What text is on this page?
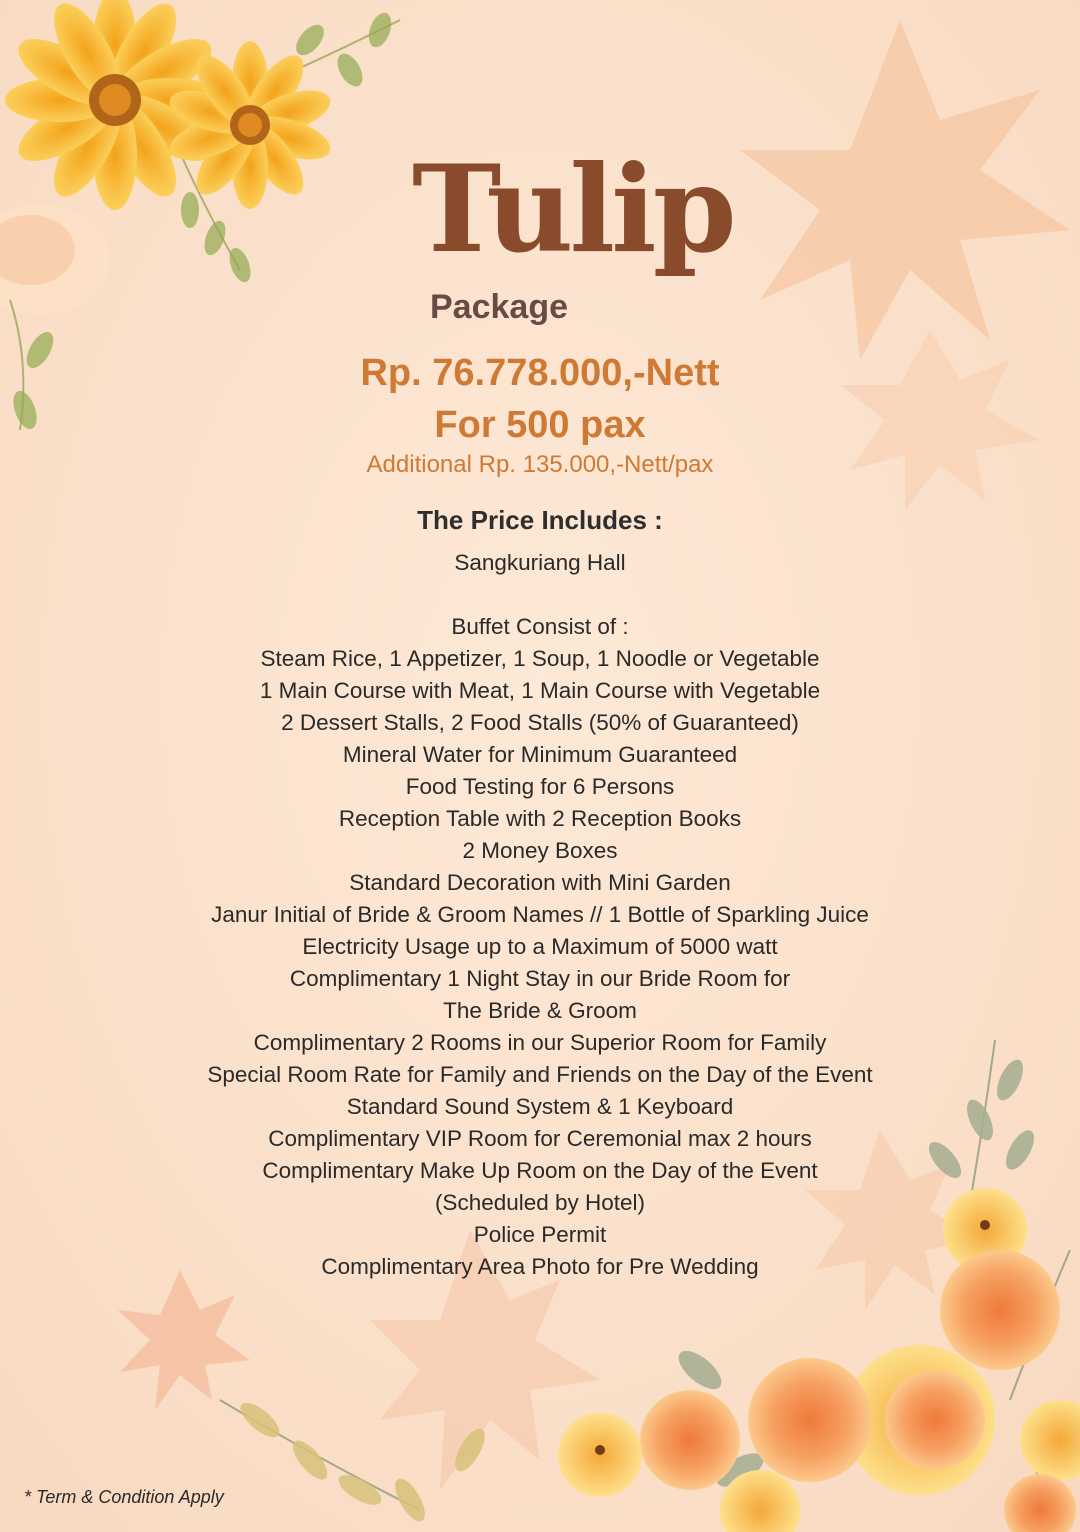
Tulip
Package
Rp. 76.778.000,-Nett
For 500 pax
Additional Rp. 135.000,-Nett/pax
The Price Includes :
Sangkuriang Hall
Buffet Consist of :
Steam Rice, 1 Appetizer, 1 Soup, 1 Noodle or Vegetable
1 Main Course with Meat, 1 Main Course with Vegetable
2 Dessert Stalls, 2 Food Stalls (50% of Guaranteed)
Mineral Water for Minimum Guaranteed
Food Testing for 6 Persons
Reception Table with 2 Reception Books
2 Money Boxes
Standard Decoration with Mini Garden
Janur Initial of Bride & Groom Names // 1 Bottle of Sparkling Juice
Electricity Usage up to a Maximum of 5000 watt
Complimentary 1 Night Stay in our Bride Room for
The Bride & Groom
Complimentary 2 Rooms in our Superior Room for Family
Special Room Rate for Family and Friends on the Day of the Event
Standard Sound System & 1 Keyboard
Complimentary VIP Room for Ceremonial max 2 hours
Complimentary Make Up Room on the Day of the Event
(Scheduled by Hotel)
Police Permit
Complimentary Area Photo for Pre Wedding
* Term & Condition Apply
